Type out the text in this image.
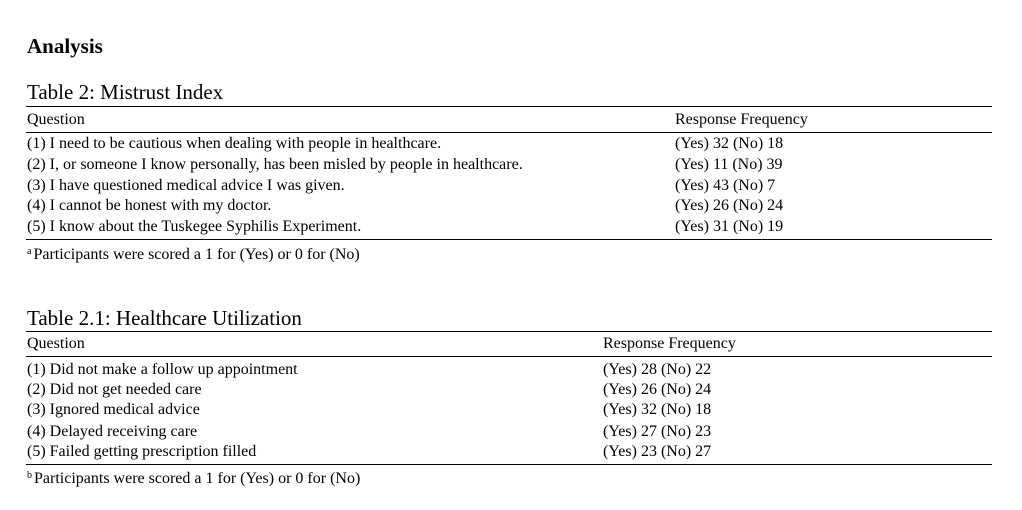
Analysis
Table 2: Mistrust Index
Question	Response Frequency
(1) I need to be cautious when dealing with people in healthcare.	(Yes) 32 (No) 18
(2) I, or someone I know personally, has been misled by people in healthcare.	(Yes) 11 (No) 39
(3) I have questioned medical advice I was given.	(Yes) 43 (No) 7
(4) I cannot be honest with my doctor.	(Yes) 26 (No) 24
(5) I know about the Tuskegee Syphilis Experiment.	(Yes) 31 (No) 19
$^a$ Participants were scored a 1 for (Yes) or 0 for (No)
Table 2.1: Healthcare Utilization
Question	Response Frequency
(1) Did not make a follow up appointment	(Yes) 28 (No) 22
(2) Did not get needed care	(Yes) 26 (No) 24
(3) Ignored medical advice	(Yes) 32 (No) 18
(4) Delayed receiving care	(Yes) 27 (No) 23
(5) Failed getting prescription filled	(Yes) 23 (No) 27
$^b$ Participants were scored a 1 for (Yes) or 0 for (No)
